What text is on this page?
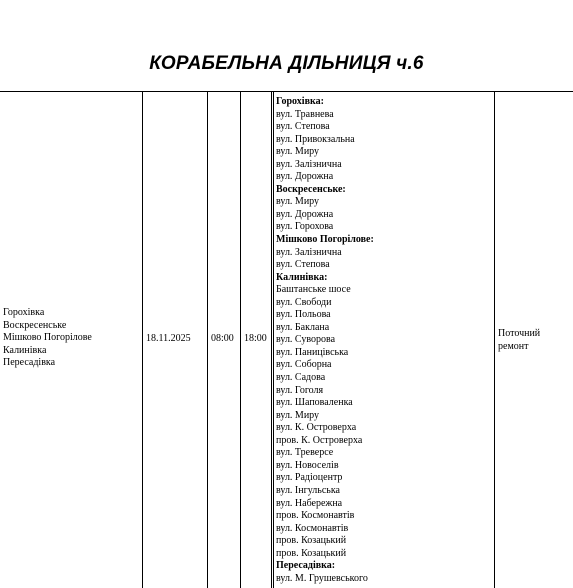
КОРАБЕЛЬНА ДІЛЬНИЦЯ ч.6
Горохівка
Воскресенське
Мішково Погорілове
Калинівка
Пересадівка
18.11.2025 08:00 18:00
Горохівка:
вул. Травнева
вул. Степова
вул. Привокзальна
вул. Миру
вул. Залізнична
вул. Дорожна
Воскресенське:
вул. Миру
вул. Дорожна
вул. Горохова
Мішково Погорілове:
вул. Залізнична
вул. Степова
Калинівка:
Баштанське шосе
вул. Свободи
вул. Польова
вул. Баклана
вул. Суворова
вул. Паницівська
вул. Соборна
вул. Садова
вул. Гоголя
вул. Шаповаленка
вул. Миру
вул. К. Островерха
пров. К. Островерха
вул. Треверсе
вул. Новоселів
вул. Радіоцентр
вул. Інгульська
вул. Набережна
пров. Космонавтів
вул. Космонавтів
пров. Козацький
пров. Козацький
Пересадівка:
вул. М. Грушевського
Поточний
ремонт
